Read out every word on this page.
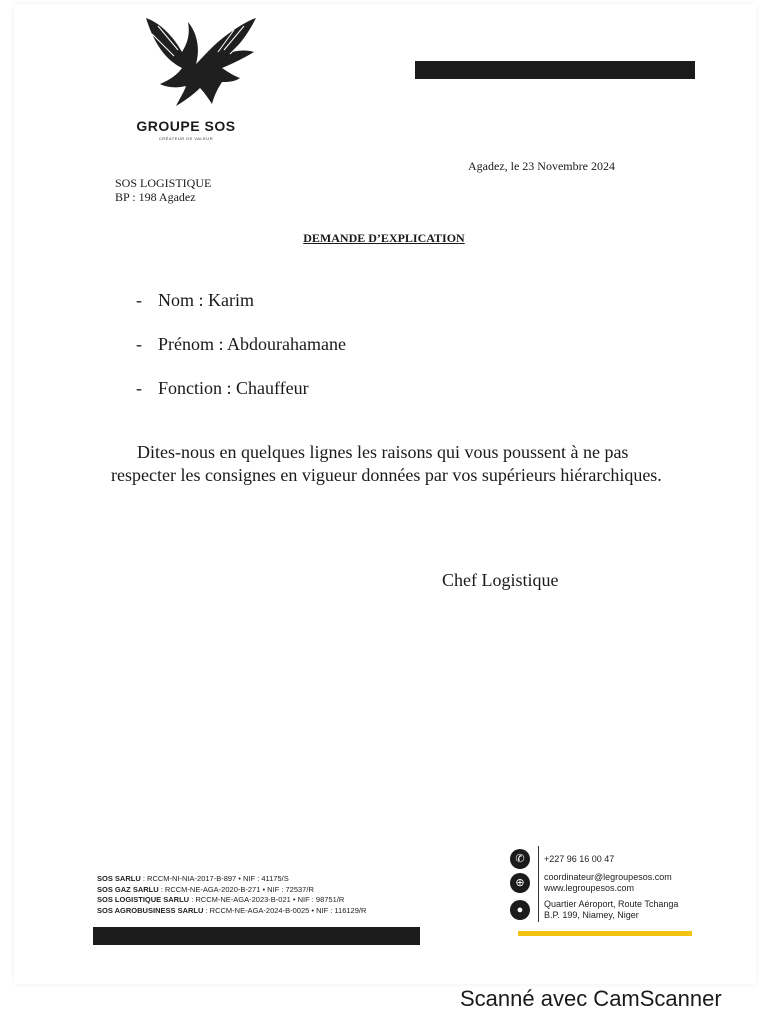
GROUPE SOS
CRÉATEUR DE VALEUR
Agadez, le 23 Novembre 2024
SOS LOGISTIQUE
BP : 198 Agadez
DEMANDE D’EXPLICATION
- Nom : Karim
- Prénom : Abdourahamane
- Fonction : Chauffeur
Dites-nous en quelques lignes les raisons qui vous poussent à ne pas respecter les consignes en vigueur données par vos supérieurs hiérarchiques.
Chef Logistique
SOS SARLU : RCCM-NI-NIA-2017-B-897 • NIF : 41175/S
SOS GAZ SARLU : RCCM-NE-AGA-2020-B-271 • NIF : 72537/R
SOS LOGISTIQUE SARLU : RCCM-NE-AGA-2023-B-021 • NIF : 98751/R
SOS AGROBUSINESS SARLU : RCCM-NE-AGA-2024-B-0025 • NIF : 116129/R
✆	+227 96 16 00 47
⊕	coordinateur@legroupesos.com
www.legroupesos.com
●	Quartier Aéroport, Route Tchanga
B.P. 199, Niamey, Niger
Scanné avec CamScanner
